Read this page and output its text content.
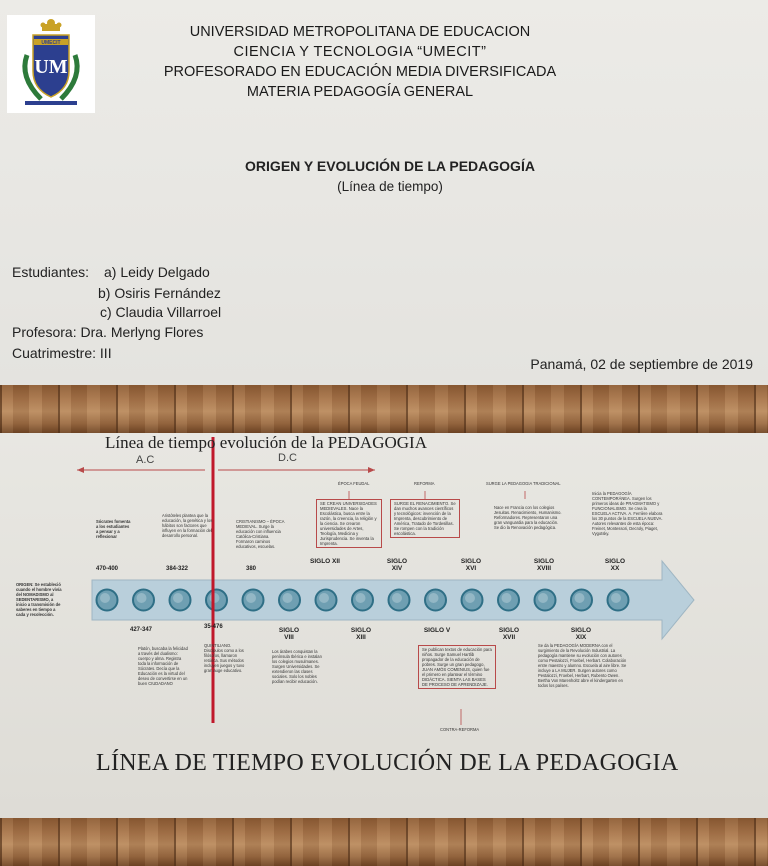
UMECIT
UM
UNIVERSIDAD METROPOLITANA DE EDUCACION
CIENCIA Y TECNOLOGIA “UMECIT”
PROFESORADO EN EDUCACIÓN MEDIA DIVERSIFICADA
MATERIA PEDAGOGÍA GENERAL
ORIGEN Y EVOLUCIÓN DE LA PEDAGOGÍA
(Línea de tiempo)
Estudiantes: a) Leidy Delgado
b) Osiris Fernández
c) Claudia Villarroel
Profesora: Dra. Merlyng Flores
Cuatrimestre: III
Panamá, 02 de septiembre de 2019
Línea de tiempo evolución de la PEDAGOGIA
A.C	D.C
ORIGEN: Se estableció cuando el hombre vivía del NOMADISMO al SEDENTARISMO, a inicio a transmisión de saberes en tiempo a cada y recolección.
ÉPOCA FEUDAL	REFORMA	SURGE LA PEDAGOGIA TRADICIONAL
Sócrates fomenta a los estudiantes a pensar y a reflexionar
Aristóteles plantea que la educación, la genética y los hábitos son factores que influyen en la formación del desarrollo personal.
CRISTIANISMO – ÉPOCA MEDIEVAL. Surge la educación con influencia Católica-Cristiana. Formaron caminos educativos, escuelas.
SE CREAN UNIVERSIDADES MEDIEVALES. Nace la Escolástica, busca entre la razón, la creencia, la religión y la ciencia. Se crearon universidades de Artes, Teología, Medicina y Jurisprudencia. Se inventa la Imprenta.
SURGE EL RENACIMIENTO. Se dan muchos avances científicos y tecnológicos: invención de la Imprenta, descubrimiento de América, Tratado de Tordesillas. Se rompen con la tradición escolástica.
Nace en Francia con los colegios Jesuitas. Renacimiento, Humanismo. Reformadores. Representaron una gran vanguardia para la educación. Se dio la Renovación pedagógica.
Inicia la PEDAGOGÍA CONTEMPORÁNEA. Surgen los primeros ideas de PRAGMATISMO y FUNCIONALISMO. Se crea la ESCUELA ACTIVA. A. Ferrière elabora los 30 puntos de la ESCUELA NUEVA. Autores relevantes de esta época: Freinet, Montessori, Decroly, Piaget, Vygotsky.
470-400	384-322	380
SIGLO XII	SIGLO XIV
SIGLO XVI
SIGLO XVIII
SIGLO XX
427-347	35-476	SIGLO VIII
SIGLO XIII
SIGLO V	SIGLO XVII
SIGLO XIX
Platón, buscaba la felicidad a través del dualismo: cuerpo y alma. Registra toda la información de Sócrates. Decía que la Educación es la virtud del deseo de convertirse en un buen CIUDADANO
QUINTILIANO. Discípulos como a los filósofos, llamaron retórica. Sus métodos incluyen juegos y tuvo gran auge educativo.
Los árabes conquistan la península Ibérica e instalan los colegios musulmanes. Surgen Universidades. Se extendieron las clases sociales. Solo los nobles podían recibir educación.
Se publican textos de educación para niños. Surge Samuel Hartlib propagador de la educación de pobres. Surge un gran pedagogo, JUAN AMÓS COMENIUS, quien fue el primero en plantear el término DIDÁCTICA. SIENTA LAS BASES DE PROCESO DE APRENDIZAJE.
Se da la PEDAGOGÍA MODERNA con el surgimiento de la Revolución Industrial. La pedagogía mantiene su evolución con autores como Pestalozzi, Froebel, Herbart. Colaboración entre maestro y alumno. Escuela al aire libre. Se incluye a LA MUJER. Surgen autores como Pestalozzi, Froebel, Herbart, Rubento Owen. Bertha Von Marenholtz abre el kindergarten en todos los países.
CONTRA-REFORMA
LÍNEA DE TIEMPO EVOLUCIÓN DE LA PEDAGOGIA
